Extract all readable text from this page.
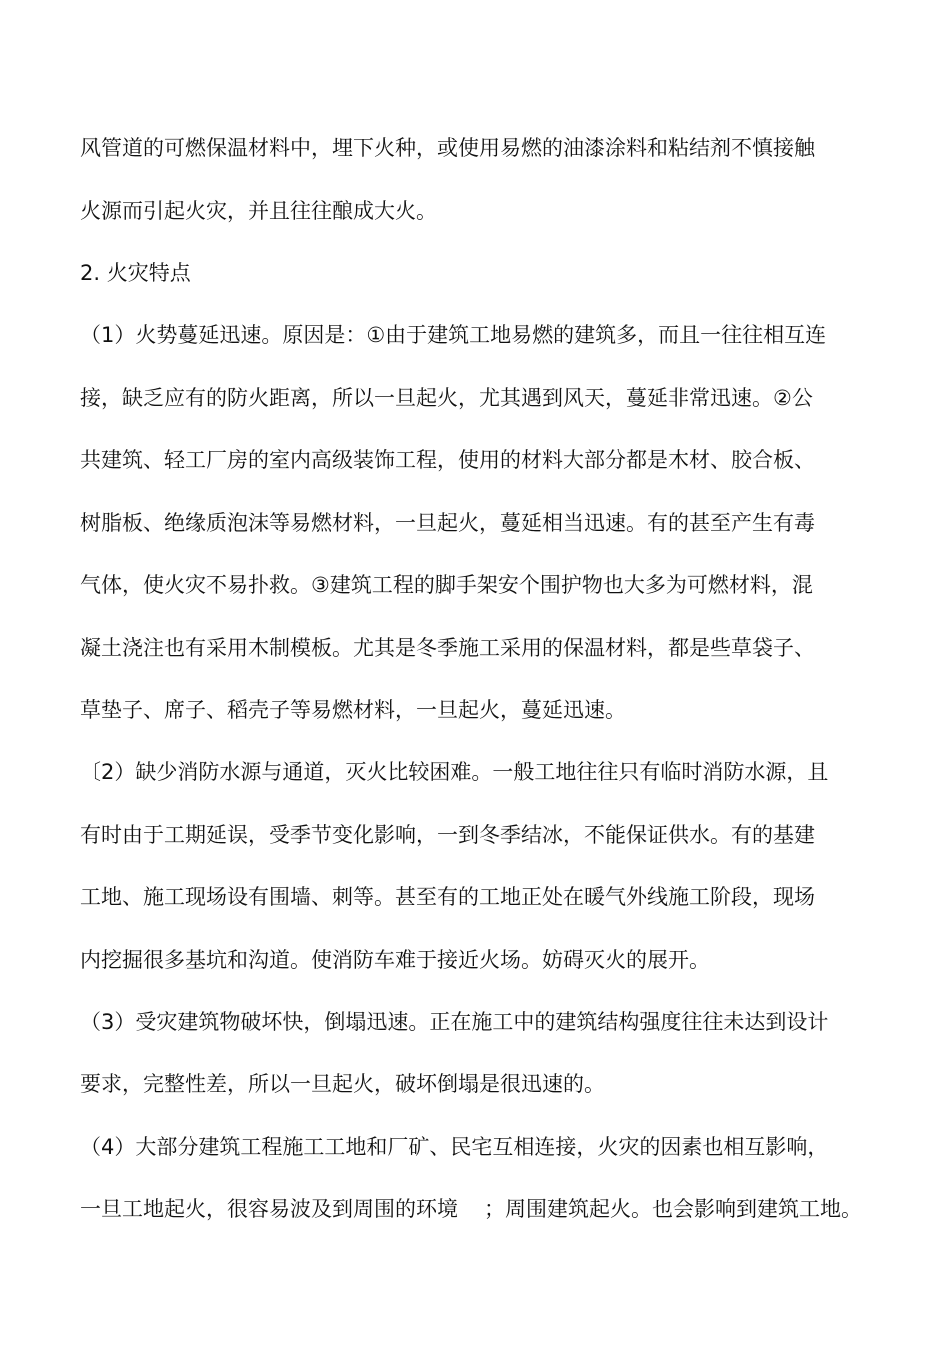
风管道的可燃保温材料中，埋下火种，或使用易燃的油漆涂料和粘结剂不慎接触
火源而引起火灾，并且往往酿成大火。
2. 火灾特点
（1）火势蔓延迅速。原因是：①由于建筑工地易燃的建筑多，而且一往往相互连
接，缺乏应有的防火距离，所以一旦起火，尤其遇到风天，蔓延非常迅速。②公
共建筑、轻工厂房的室内高级装饰工程，使用的材料大部分都是木材、胶合板、
树脂板、绝缘质泡沫等易燃材料，一旦起火，蔓延相当迅速。有的甚至产生有毒
气体，使火灾不易扑救。③建筑工程的脚手架安个围护物也大多为可燃材料，混
凝土浇注也有采用木制模板。尤其是冬季施工采用的保温材料，都是些草袋子、
草垫子、席子、稻壳子等易燃材料，一旦起火，蔓延迅速。
〔2）缺少消防水源与通道，灭火比较困难。一般工地往往只有临时消防水源，且
有时由于工期延误，受季节变化影响，一到冬季结冰，不能保证供水。有的基建
工地、施工现场设有围墙、刺等。甚至有的工地正处在暖气外线施工阶段，现场
内挖掘很多基坑和沟道。使消防车难于接近火场。妨碍灭火的展开。
（3）受灾建筑物破坏快，倒塌迅速。正在施工中的建筑结构强度往往未达到设计
要求，完整性差，所以一旦起火，破坏倒塌是很迅速的。
（4）大部分建筑工程施工工地和厂矿、民宅互相连接，火灾的因素也相互影响，
一旦工地起火，很容易波及到周围的环境 ；周围建筑起火。也会影响到建筑工地。
